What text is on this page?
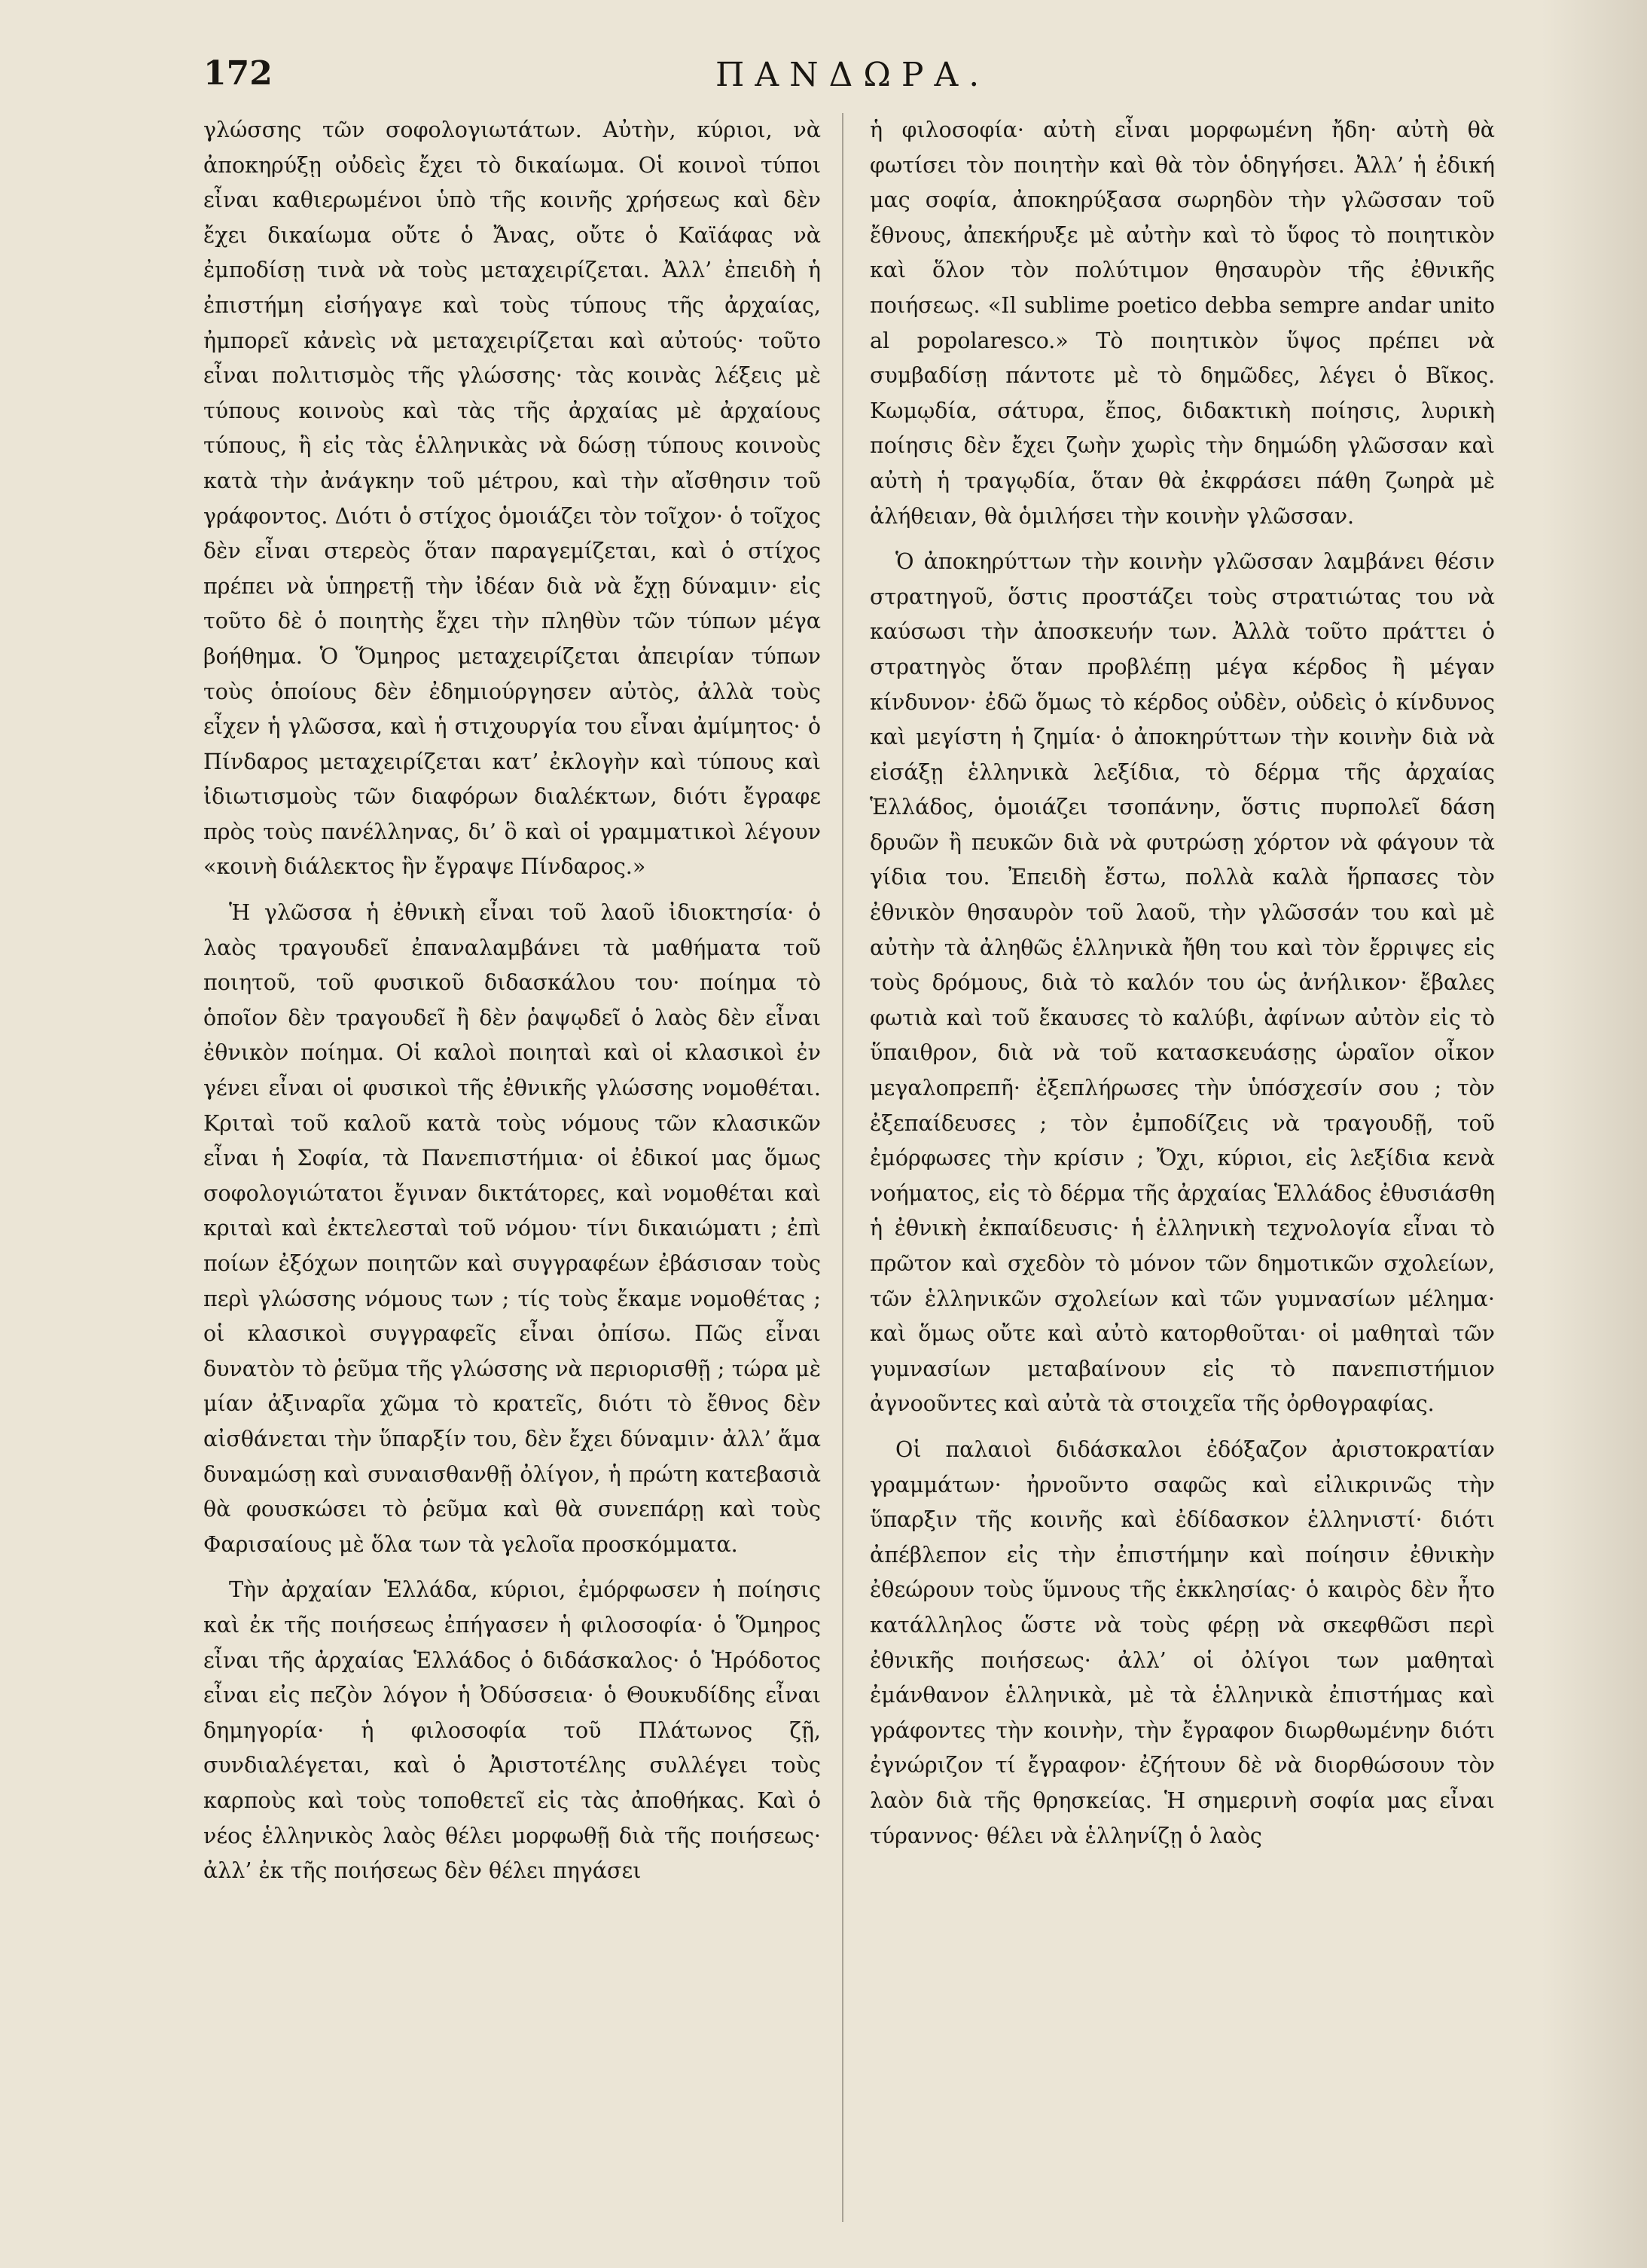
172	ΠΑΝΔΩΡΑ.

γλώσσης τῶν σοφολογιωτάτων. Αὐτὴν, κύριοι, νὰ ἀποκηρύξῃ οὐδεὶς ἔχει τὸ δικαίωμα. Οἱ κοινοὶ τύποι εἶναι καθιερωμένοι ὑπὸ τῆς κοινῆς χρήσεως καὶ δὲν ἔχει δικαίωμα οὔτε ὁ Ἄνας, οὔτε ὁ Καϊάφας νὰ ἐμποδίσῃ τινὰ νὰ τοὺς μεταχειρίζεται. Ἀλλ’ ἐπειδὴ ἡ ἐπιστήμη εἰσήγαγε καὶ τοὺς τύπους τῆς ἀρχαίας, ἠμπορεῖ κἀνεὶς νὰ μεταχειρίζεται καὶ αὐτούς· τοῦτο εἶναι πολιτισμὸς τῆς γλώσσης· τὰς κοινὰς λέξεις μὲ τύπους κοινοὺς καὶ τὰς τῆς ἀρχαίας μὲ ἀρχαίους τύπους, ἢ εἰς τὰς ἑλληνικὰς νὰ δώσῃ τύπους κοινοὺς κατὰ τὴν ἀνάγκην τοῦ μέτρου, καὶ τὴν αἴσθησιν τοῦ γράφοντος. Διότι ὁ στίχος ὁμοιάζει τὸν τοῖχον· ὁ τοῖχος δὲν εἶναι στερεὸς ὅταν παραγεμίζεται, καὶ ὁ στίχος πρέπει νὰ ὑπηρετῇ τὴν ἰδέαν διὰ νὰ ἔχῃ δύναμιν· εἰς τοῦτο δὲ ὁ ποιητὴς ἔχει τὴν πληθὺν τῶν τύπων μέγα βοήθημα. Ὁ Ὅμηρος μεταχειρίζεται ἀπειρίαν τύπων τοὺς ὁποίους δὲν ἐδημιούργησεν αὐτὸς, ἀλλὰ τοὺς εἶχεν ἡ γλῶσσα, καὶ ἡ στιχουργία του εἶναι ἀμίμητος· ὁ Πίνδαρος μεταχειρίζεται κατ’ ἐκλογὴν καὶ τύπους καὶ ἰδιωτισμοὺς τῶν διαφόρων διαλέκτων, διότι ἔγραφε πρὸς τοὺς πανέλληνας, δι’ ὃ καὶ οἱ γραμματικοὶ λέγουν «κοινὴ διάλεκτος ἣν ἔγραψε Πίνδαρος.»

Ἡ γλῶσσα ἡ ἐθνικὴ εἶναι τοῦ λαοῦ ἰδιοκτησία· ὁ λαὸς τραγουδεῖ ἐπαναλαμβάνει τὰ μαθήματα τοῦ ποιητοῦ, τοῦ φυσικοῦ διδασκάλου του· ποίημα τὸ ὁποῖον δὲν τραγουδεῖ ἢ δὲν ῥαψῳδεῖ ὁ λαὸς δὲν εἶναι ἐθνικὸν ποίημα. Οἱ καλοὶ ποιηταὶ καὶ οἱ κλασικοὶ ἐν γένει εἶναι οἱ φυσικοὶ τῆς ἐθνικῆς γλώσσης νομοθέται. Κριταὶ τοῦ καλοῦ κατὰ τοὺς νόμους τῶν κλασικῶν εἶναι ἡ Σοφία, τὰ Πανεπιστήμια· οἱ ἐδικοί μας ὅμως σοφολογιώτατοι ἔγιναν δικτάτορες, καὶ νομοθέται καὶ κριταὶ καὶ ἐκτελεσταὶ τοῦ νόμου· τίνι δικαιώματι ; ἐπὶ ποίων ἐξόχων ποιητῶν καὶ συγγραφέων ἐβάσισαν τοὺς περὶ γλώσσης νόμους των ; τίς τοὺς ἔκαμε νομοθέτας ; οἱ κλασικοὶ συγγραφεῖς εἶναι ὀπίσω. Πῶς εἶναι δυνατὸν τὸ ῥεῦμα τῆς γλώσσης νὰ περιορισθῇ ; τώρα μὲ μίαν ἀξιναρῖα χῶμα τὸ κρατεῖς, διότι τὸ ἔθνος δὲν αἰσθάνεται τὴν ὕπαρξίν του, δὲν ἔχει δύναμιν· ἀλλ’ ἅμα δυναμώσῃ καὶ συναισθανθῇ ὀλίγον, ἡ πρώτη κατεβασιὰ θὰ φουσκώσει τὸ ῥεῦμα καὶ θὰ συνεπάρῃ καὶ τοὺς Φαρισαίους μὲ ὅλα των τὰ γελοῖα προσκόμματα.

Τὴν ἀρχαίαν Ἑλλάδα, κύριοι, ἐμόρφωσεν ἡ ποίησις καὶ ἐκ τῆς ποιήσεως ἐπήγασεν ἡ φιλοσοφία· ὁ Ὅμηρος εἶναι τῆς ἀρχαίας Ἑλλάδος ὁ διδάσκαλος· ὁ Ἡρόδοτος εἶναι εἰς πεζὸν λόγον ἡ Ὀδύσσεια· ὁ Θουκυδίδης εἶναι δημηγορία· ἡ φιλοσοφία τοῦ Πλάτωνος ζῇ, συνδιαλέγεται, καὶ ὁ Ἀριστοτέλης συλλέγει τοὺς καρποὺς καὶ τοὺς τοποθετεῖ εἰς τὰς ἀποθήκας. Καὶ ὁ νέος ἑλληνικὸς λαὸς θέλει μορφωθῇ διὰ τῆς ποιήσεως· ἀλλ’ ἐκ τῆς ποιήσεως δὲν θέλει πηγάσει

ἡ φιλοσοφία· αὐτὴ εἶναι μορφωμένη ἤδη· αὐτὴ θὰ φωτίσει τὸν ποιητὴν καὶ θὰ τὸν ὁδηγήσει. Ἀλλ’ ἡ ἐδική μας σοφία, ἀποκηρύξασα σωρηδὸν τὴν γλῶσσαν τοῦ ἔθνους, ἀπεκήρυξε μὲ αὐτὴν καὶ τὸ ὕφος τὸ ποιητικὸν καὶ ὅλον τὸν πολύτιμον θησαυρὸν τῆς ἐθνικῆς ποιήσεως. «Il sublime poetico debba sempre andar unito al popolaresco.» Τὸ ποιητικὸν ὕψος πρέπει νὰ συμβαδίσῃ πάντοτε μὲ τὸ δημῶδες, λέγει ὁ Βῖκος. Κωμῳδία, σάτυρα, ἔπος, διδακτικὴ ποίησις, λυρικὴ ποίησις δὲν ἔχει ζωὴν χωρὶς τὴν δημώδη γλῶσσαν καὶ αὐτὴ ἡ τραγῳδία, ὅταν θὰ ἐκφράσει πάθη ζωηρὰ μὲ ἀλήθειαν, θὰ ὁμιλήσει τὴν κοινὴν γλῶσσαν.

Ὁ ἀποκηρύττων τὴν κοινὴν γλῶσσαν λαμβάνει θέσιν στρατηγοῦ, ὅστις προστάζει τοὺς στρατιώτας του νὰ καύσωσι τὴν ἀποσκευήν των. Ἀλλὰ τοῦτο πράττει ὁ στρατηγὸς ὅταν προβλέπῃ μέγα κέρδος ἢ μέγαν κίνδυνον· ἐδῶ ὅμως τὸ κέρδος οὐδὲν, οὐδεὶς ὁ κίνδυνος καὶ μεγίστη ἡ ζημία· ὁ ἀποκηρύττων τὴν κοινὴν διὰ νὰ εἰσάξῃ ἑλληνικὰ λεξίδια, τὸ δέρμα τῆς ἀρχαίας Ἑλλάδος, ὁμοιάζει τσοπάνην, ὅστις πυρπολεῖ δάση δρυῶν ἢ πευκῶν διὰ νὰ φυτρώσῃ χόρτον νὰ φάγουν τὰ γίδια του. Ἐπειδὴ ἔστω, πολλὰ καλὰ ἥρπασες τὸν ἐθνικὸν θησαυρὸν τοῦ λαοῦ, τὴν γλῶσσάν του καὶ μὲ αὐτὴν τὰ ἀληθῶς ἑλληνικὰ ἤθη του καὶ τὸν ἔρριψες εἰς τοὺς δρόμους, διὰ τὸ καλόν του ὡς ἀνήλικον· ἔβαλες φωτιὰ καὶ τοῦ ἔκαυσες τὸ καλύβι, ἀφίνων αὐτὸν εἰς τὸ ὕπαιθρον, διὰ νὰ τοῦ κατασκευάσῃς ὡραῖον οἶκον μεγαλοπρεπῆ· ἐξεπλήρωσες τὴν ὑπόσχεσίν σου ; τὸν ἐξεπαίδευσες ; τὸν ἐμποδίζεις νὰ τραγουδῇ, τοῦ ἐμόρφωσες τὴν κρίσιν ; Ὄχι, κύριοι, εἰς λεξίδια κενὰ νοήματος, εἰς τὸ δέρμα τῆς ἀρχαίας Ἑλλάδος ἐθυσιάσθη ἡ ἐθνικὴ ἐκπαίδευσις· ἡ ἑλληνικὴ τεχνολογία εἶναι τὸ πρῶτον καὶ σχεδὸν τὸ μόνον τῶν δημοτικῶν σχολείων, τῶν ἑλληνικῶν σχολείων καὶ τῶν γυμνασίων μέλημα· καὶ ὅμως οὔτε καὶ αὐτὸ κατορθοῦται· οἱ μαθηταὶ τῶν γυμνασίων μεταβαίνουν εἰς τὸ πανεπιστήμιον ἀγνοοῦντες καὶ αὐτὰ τὰ στοιχεῖα τῆς ὀρθογραφίας.

Οἱ παλαιοὶ διδάσκαλοι ἐδόξαζον ἀριστοκρατίαν γραμμάτων· ἠρνοῦντο σαφῶς καὶ εἰλικρινῶς τὴν ὕπαρξιν τῆς κοινῆς καὶ ἐδίδασκον ἑλληνιστί· διότι ἀπέβλεπον εἰς τὴν ἐπιστήμην καὶ ποίησιν ἐθνικὴν ἐθεώρουν τοὺς ὕμνους τῆς ἐκκλησίας· ὁ καιρὸς δὲν ἦτο κατάλληλος ὥστε νὰ τοὺς φέρῃ νὰ σκεφθῶσι περὶ ἐθνικῆς ποιήσεως· ἀλλ’ οἱ ὀλίγοι των μαθηταὶ ἐμάνθανον ἑλληνικὰ, μὲ τὰ ἑλληνικὰ ἐπιστήμας καὶ γράφοντες τὴν κοινὴν, τὴν ἔγραφον διωρθωμένην διότι ἐγνώριζον τί ἔγραφον· ἐζήτουν δὲ νὰ διορθώσουν τὸν λαὸν διὰ τῆς θρησκείας. Ἡ σημερινὴ σοφία μας εἶναι τύραννος· θέλει νὰ ἑλληνίζῃ ὁ λαὸς
